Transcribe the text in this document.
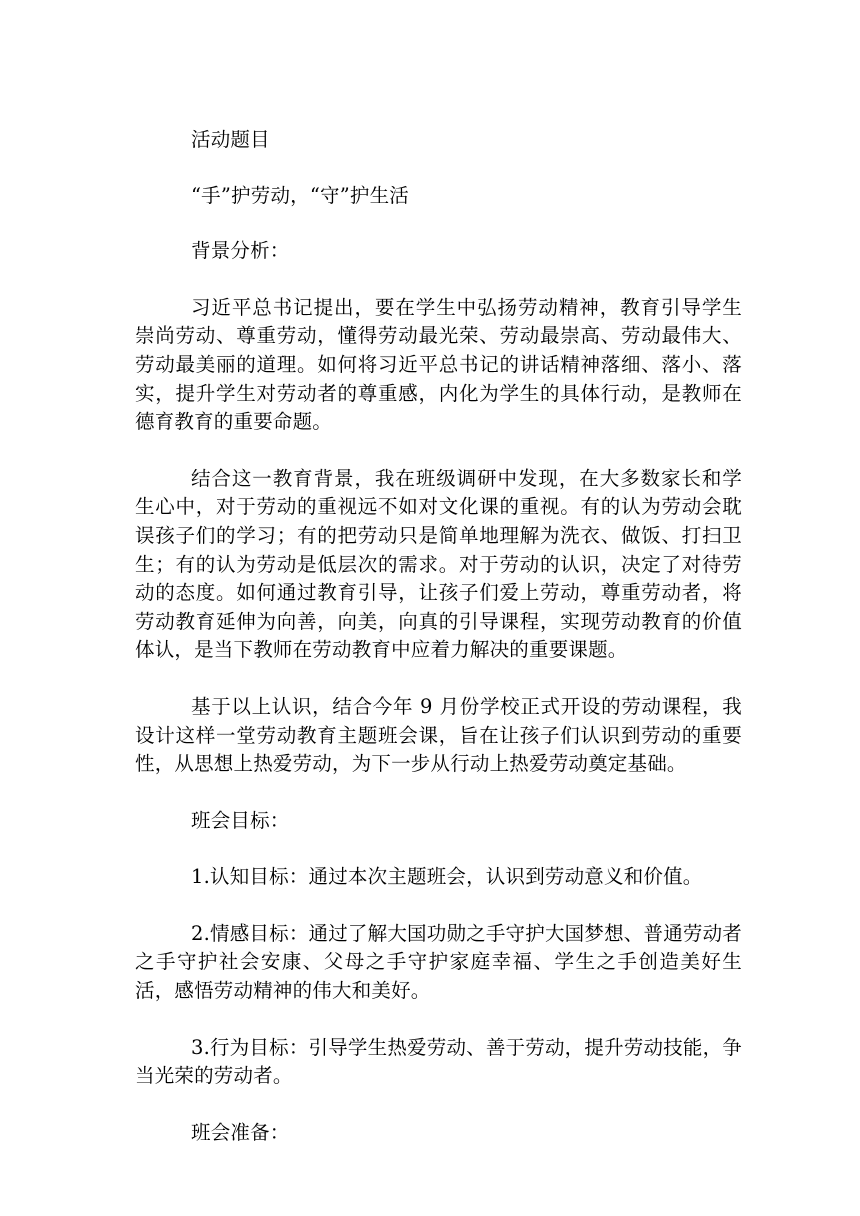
活动题目

“手”护劳动，“守”护生活

背景分析：

习近平总书记提出，要在学生中弘扬劳动精神，教育引导学生崇尚劳动、尊重劳动，懂得劳动最光荣、劳动最崇高、劳动最伟大、劳动最美丽的道理。如何将习近平总书记的讲话精神落细、落小、落实，提升学生对劳动者的尊重感，内化为学生的具体行动，是教师在德育教育的重要命题。

结合这一教育背景，我在班级调研中发现，在大多数家长和学生心中，对于劳动的重视远不如对文化课的重视。有的认为劳动会耽误孩子们的学习；有的把劳动只是简单地理解为洗衣、做饭、打扫卫生；有的认为劳动是低层次的需求。对于劳动的认识，决定了对待劳动的态度。如何通过教育引导，让孩子们爱上劳动，尊重劳动者，将劳动教育延伸为向善，向美，向真的引导课程，实现劳动教育的价值体认，是当下教师在劳动教育中应着力解决的重要课题。

基于以上认识，结合今年 9 月份学校正式开设的劳动课程，我设计这样一堂劳动教育主题班会课，旨在让孩子们认识到劳动的重要性，从思想上热爱劳动，为下一步从行动上热爱劳动奠定基础。

班会目标：

1.认知目标：通过本次主题班会，认识到劳动意义和价值。

2.情感目标：通过了解大国功勋之手守护大国梦想、普通劳动者之手守护社会安康、父母之手守护家庭幸福、学生之手创造美好生活，感悟劳动精神的伟大和美好。

3.行为目标：引导学生热爱劳动、善于劳动，提升劳动技能，争当光荣的劳动者。

班会准备：
